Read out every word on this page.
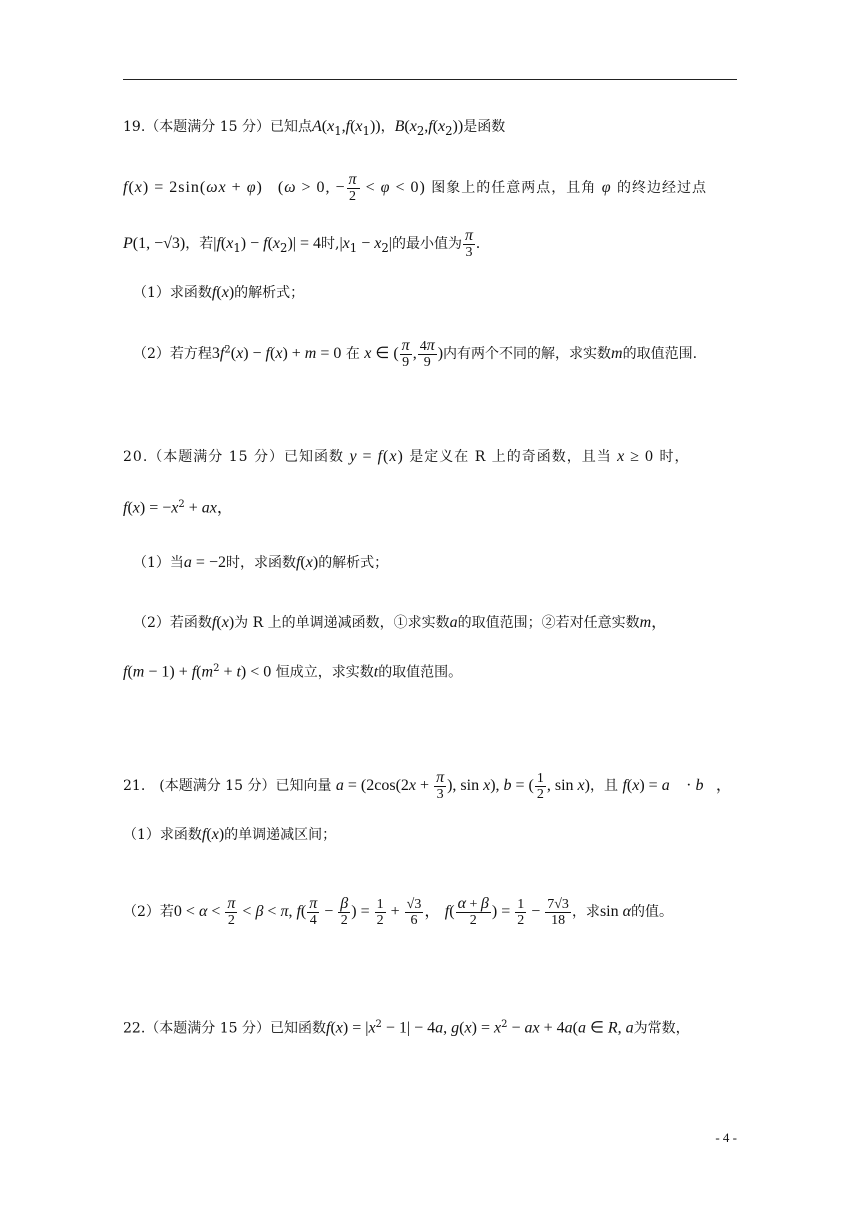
19.（本题满分 15 分）已知点$A(x_1,f(x_1))$，$B(x_2,f(x_2))$是函数
f(x) = 2sin(ωx + φ)　 (ω > 0, − $\frac{\pi}{2} < \varphi < 0$) 图象上的任意两点，且角 φ 的终边经过点
P(1, −√3)，若$|f(x_1) - f(x_2)| = 4$时$,|x_1 - x_2|$的最小值为 $\frac{\pi}{3}$ .
（1）求函数f(x)的解析式；
（2）若方程$3f^2(x) - f(x) + m = 0$ 在 x ∈ ( $\frac{\pi}{9}$ , $\frac{4\pi}{9}$ )内有两个不同的解，求实数m的取值范围.
20.（本题满分 15 分）已知函数 y = f(x) 是定义在 R 上的奇函数，且当 x ≥ 0 时，
$f(x) = -x^2$ + ax，
（1）当a = −2时，求函数f(x)的解析式；
（2）若函数f(x)为 R 上的单调递减函数，①求实数a的取值范围；②若对任意实数m，
$f(m - 1) + f(m^2 + t) < 0$ 恒成立，求实数t的取值范围。
21.　(本题满分 15 分）已知向量 $a = (2\cos(2x + \frac{\pi}{3}$ ), sin x), b = ( $\frac{1}{2}$ , sin x)，且 f(x) = a⃗ · b⃗，
（1）求函数f(x)的单调递减区间；
（2）若$0 < \alpha < \frac{\pi}{2} < \beta < \pi$, $f( \frac{\pi}{4} - \frac{\beta}{2}$ ) = $\frac{1}{2} + \frac{√3}{6}$ ， $f( \frac{\alpha + \beta}{2}$ ) = $\frac{1}{2} - \frac{7√3}{18}$ ，求sin α的值。
22.（本题满分 15 分）已知函数$f(x) = |x^2 - 1| - 4a$, $g(x) = x^2$ − ax + 4a(a ∈ R, a为常数，
- 4 -
